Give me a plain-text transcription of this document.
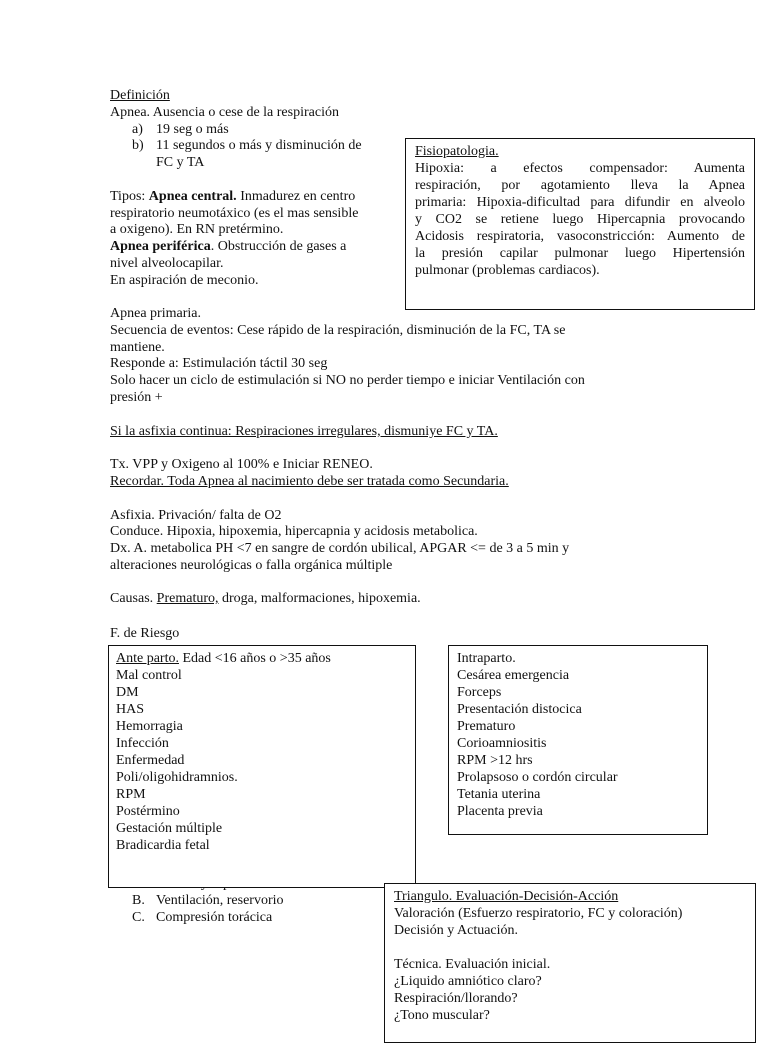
Definición
Apnea. Ausencia o cese de la respiración
a) 19 seg o más
b) 11 segundos o más y disminución de
FC y TA
Tipos: Apnea central. Inmadurez en centro
respiratorio neumotáxico (es el mas sensible
a oxigeno). En RN pretérmino.
Apnea periférica. Obstrucción de gases a
nivel alveolocapilar.
En aspiración de meconio.
Fisiopatologia.
Hipoxia: a efectos compensador: Aumenta
respiración, por agotamiento lleva la Apnea
primaria: Hipoxia-dificultad para difundir en alveolo
y CO2 se retiene luego Hipercapnia provocando
Acidosis respiratoria, vasoconstricción: Aumento de
la presión capilar pulmonar luego Hipertensión
pulmonar (problemas cardiacos).
Apnea primaria.
Secuencia de eventos: Cese rápido de la respiración, disminución de la FC, TA se
mantiene.
Responde a: Estimulación táctil 30 seg
Solo hacer un ciclo de estimulación si NO no perder tiempo e iniciar Ventilación con
presión +
Si la asfixia continua: Respiraciones irregulares, dismuniye FC y TA.
Tx. VPP y Oxigeno al 100% e Iniciar RENEO.
Recordar. Toda Apnea al nacimiento debe ser tratada como Secundaria.
Asfixia. Privación/ falta de O2
Conduce. Hipoxia, hipoxemia, hipercapnia y acidosis metabolica.
Dx. A. metabolica PH <7 en sangre de cordón ubilical, APGAR <= de 3 a 5 min y
alteraciones neurológicas o falla orgánica múltiple
Causas. Prematuro, droga, malformaciones, hipoxemia.
F. de Riesgo
B. Ventilación, reservorio
C. Compresión torácica
Ante parto. Edad <16 años o >35 años
Mal control
DM
HAS
Hemorragia
Infección
Enfermedad
Poli/oligohidramnios.
RPM
Postérmino
Gestación múltiple
Bradicardia fetal
Intraparto.
Cesárea emergencia
Forceps
Presentación distocica
Prematuro
Corioamniositis
RPM >12 hrs
Prolapsoso o cordón circular
Tetania uterina
Placenta previa
Triangulo. Evaluación-Decisión-Acción
Valoración (Esfuerzo respiratorio, FC y coloración)
Decisión y Actuación.
Técnica. Evaluación inicial.
¿Liquido amniótico claro?
Respiración/llorando?
¿Tono muscular?
